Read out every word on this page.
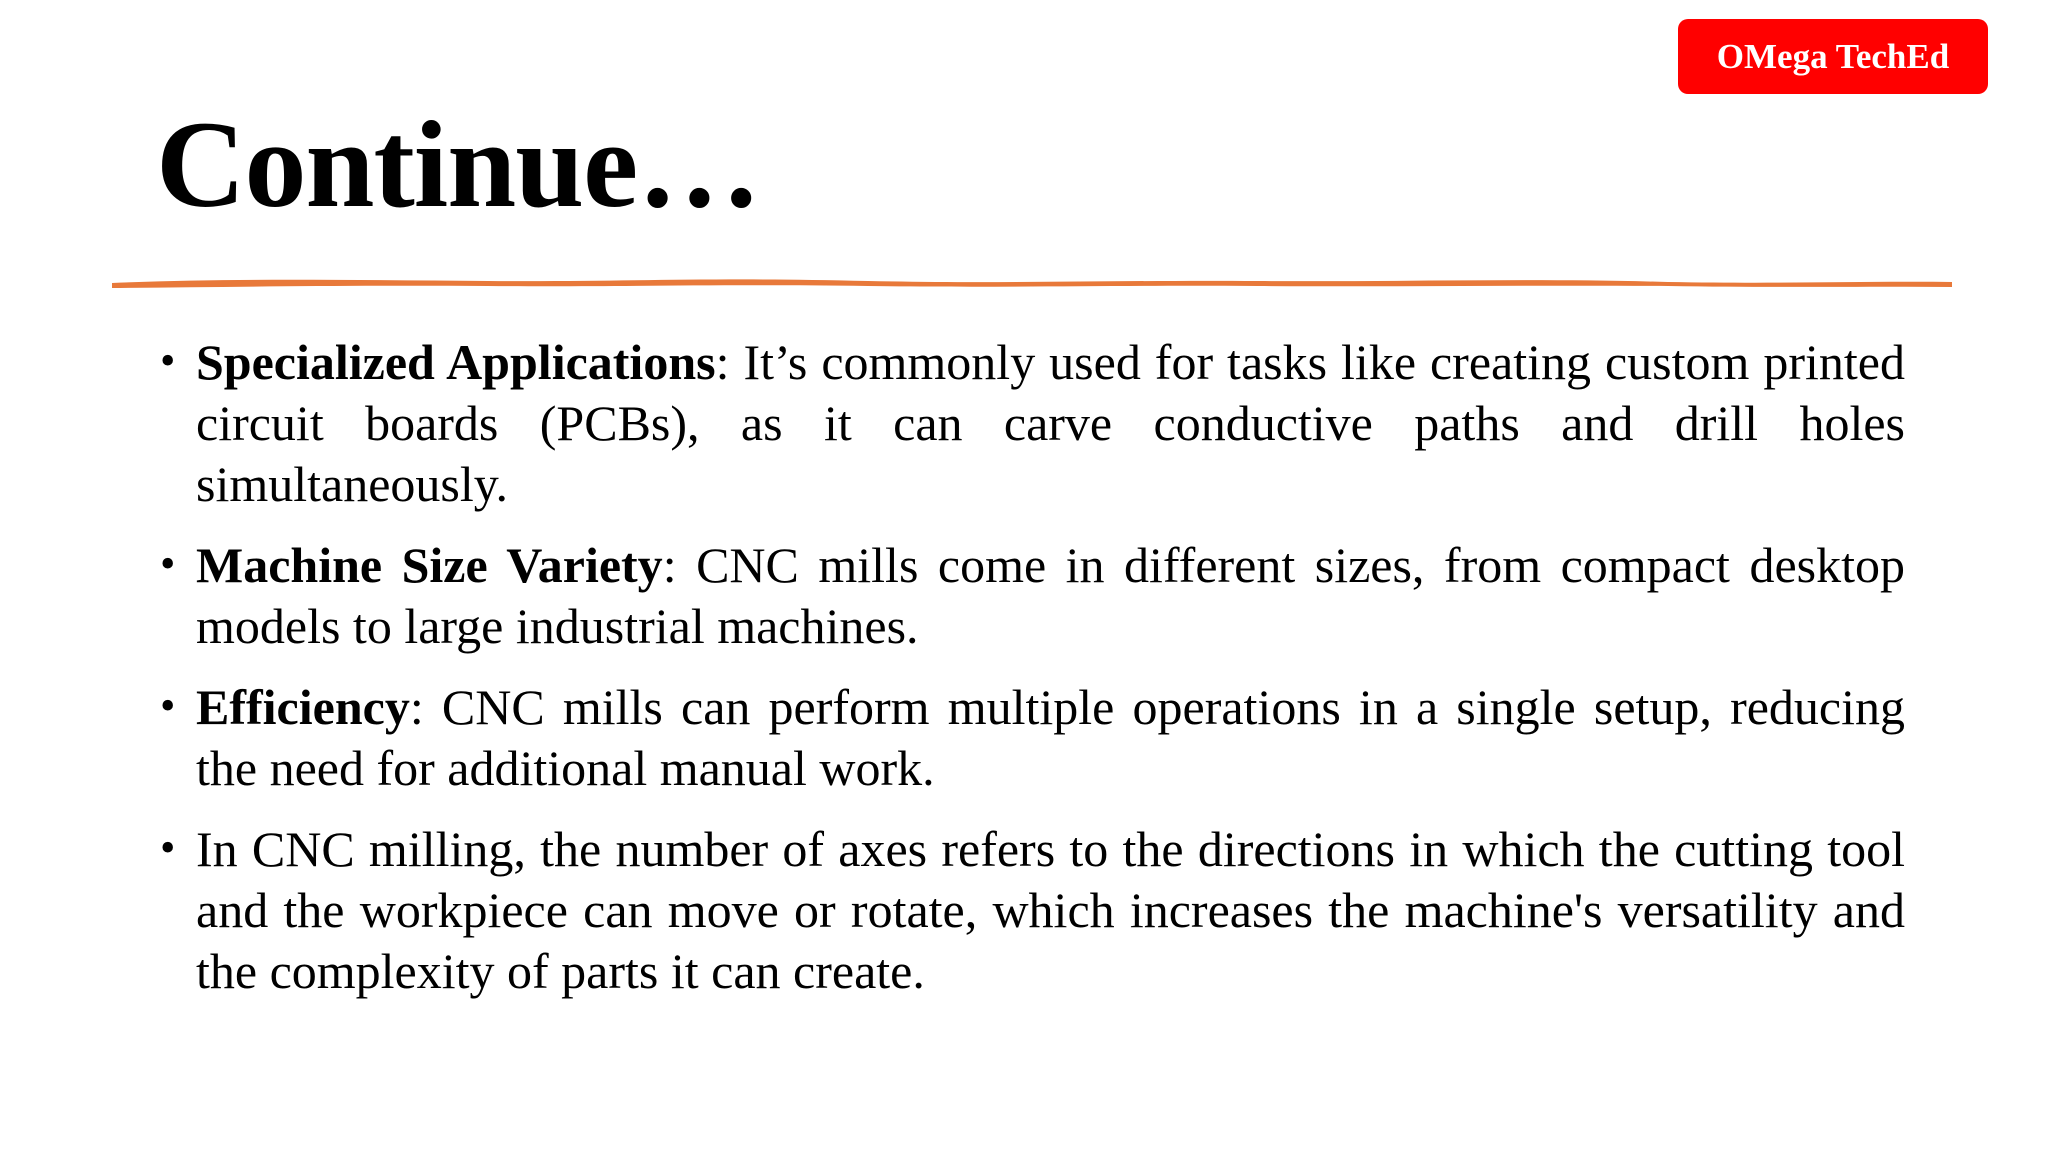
OMega TechEd
Continue…
• Specialized Applications: It’s commonly used for tasks like creating custom printed circuit boards (PCBs), as it can carve conductive paths and drill holes simultaneously.
• Machine Size Variety: CNC mills come in different sizes, from compact desktop models to large industrial machines.
• Efficiency: CNC mills can perform multiple operations in a single setup, reducing the need for additional manual work.
• In CNC milling, the number of axes refers to the directions in which the cutting tool and the workpiece can move or rotate, which increases the machine's versatility and the complexity of parts it can create.
